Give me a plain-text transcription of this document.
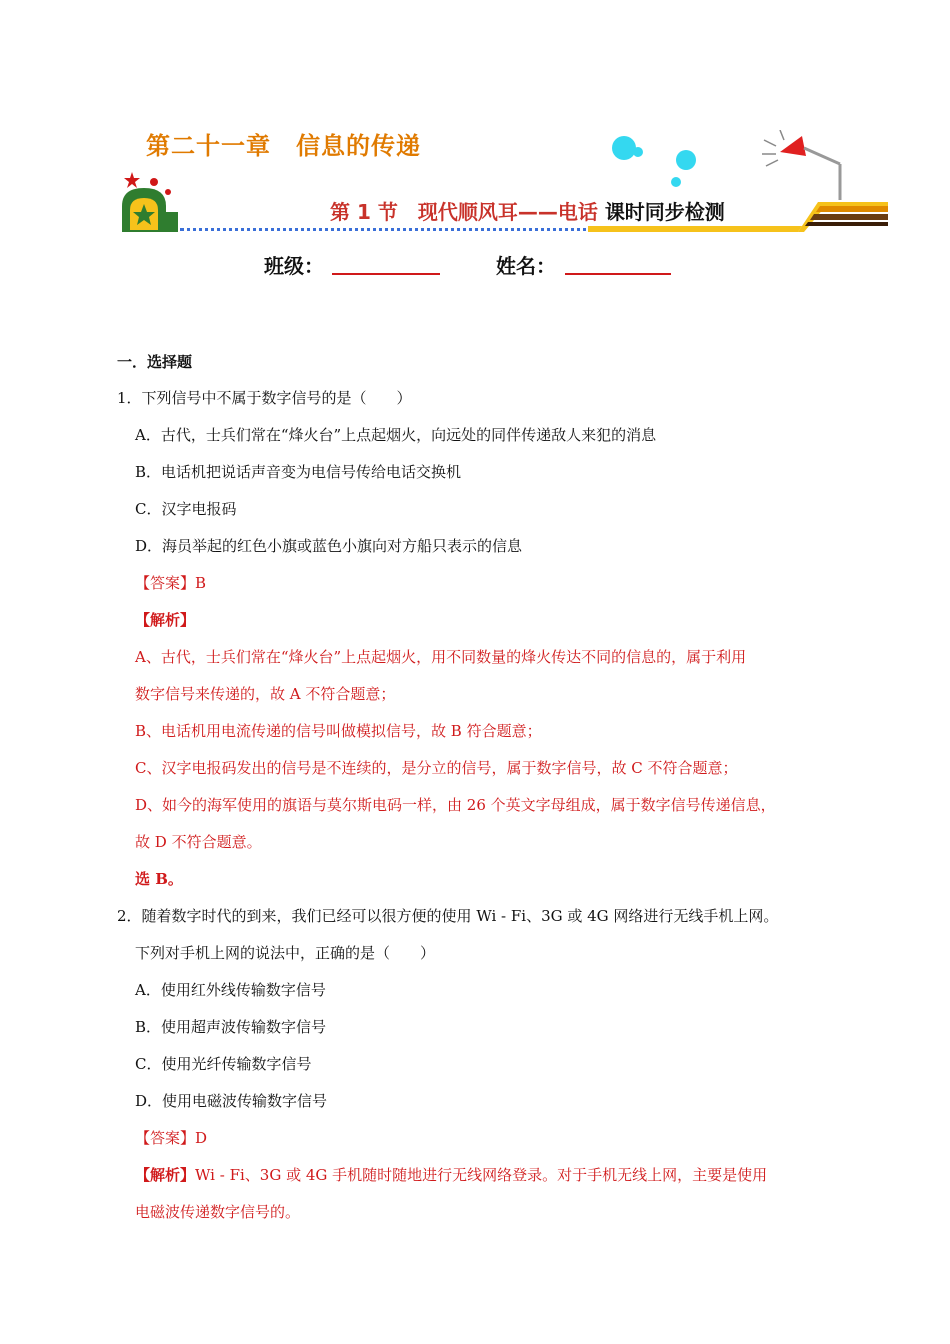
第二十一章　信息的传递
第 1 节　现代顺风耳——电话 课时同步检测
班级：	姓名：
一．选择题
1．下列信号中不属于数字信号的是（　　）
A．古代，士兵们常在“烽火台”上点起烟火，向远处的同伴传递敌人来犯的消息
B．电话机把说话声音变为电信号传给电话交换机
C．汉字电报码
D．海员举起的红色小旗或蓝色小旗向对方船只表示的信息
【答案】B
【解析】
A、古代，士兵们常在“烽火台”上点起烟火，用不同数量的烽火传达不同的信息的，属于利用
数字信号来传递的，故 A 不符合题意；
B、电话机用电流传递的信号叫做模拟信号，故 B 符合题意；
C、汉字电报码发出的信号是不连续的，是分立的信号，属于数字信号，故 C 不符合题意；
D、如今的海军使用的旗语与莫尔斯电码一样，由 26 个英文字母组成，属于数字信号传递信息，
故 D 不符合题意。
选 B。
2．随着数字时代的到来，我们已经可以很方便的使用 Wi - Fi、3G 或 4G 网络进行无线手机上网。
下列对手机上网的说法中，正确的是（　　）
A．使用红外线传输数字信号
B．使用超声波传输数字信号
C．使用光纤传输数字信号
D．使用电磁波传输数字信号
【答案】D
【解析】Wi - Fi、3G 或 4G 手机随时随地进行无线网络登录。对于手机无线上网，主要是使用
电磁波传递数字信号的。
